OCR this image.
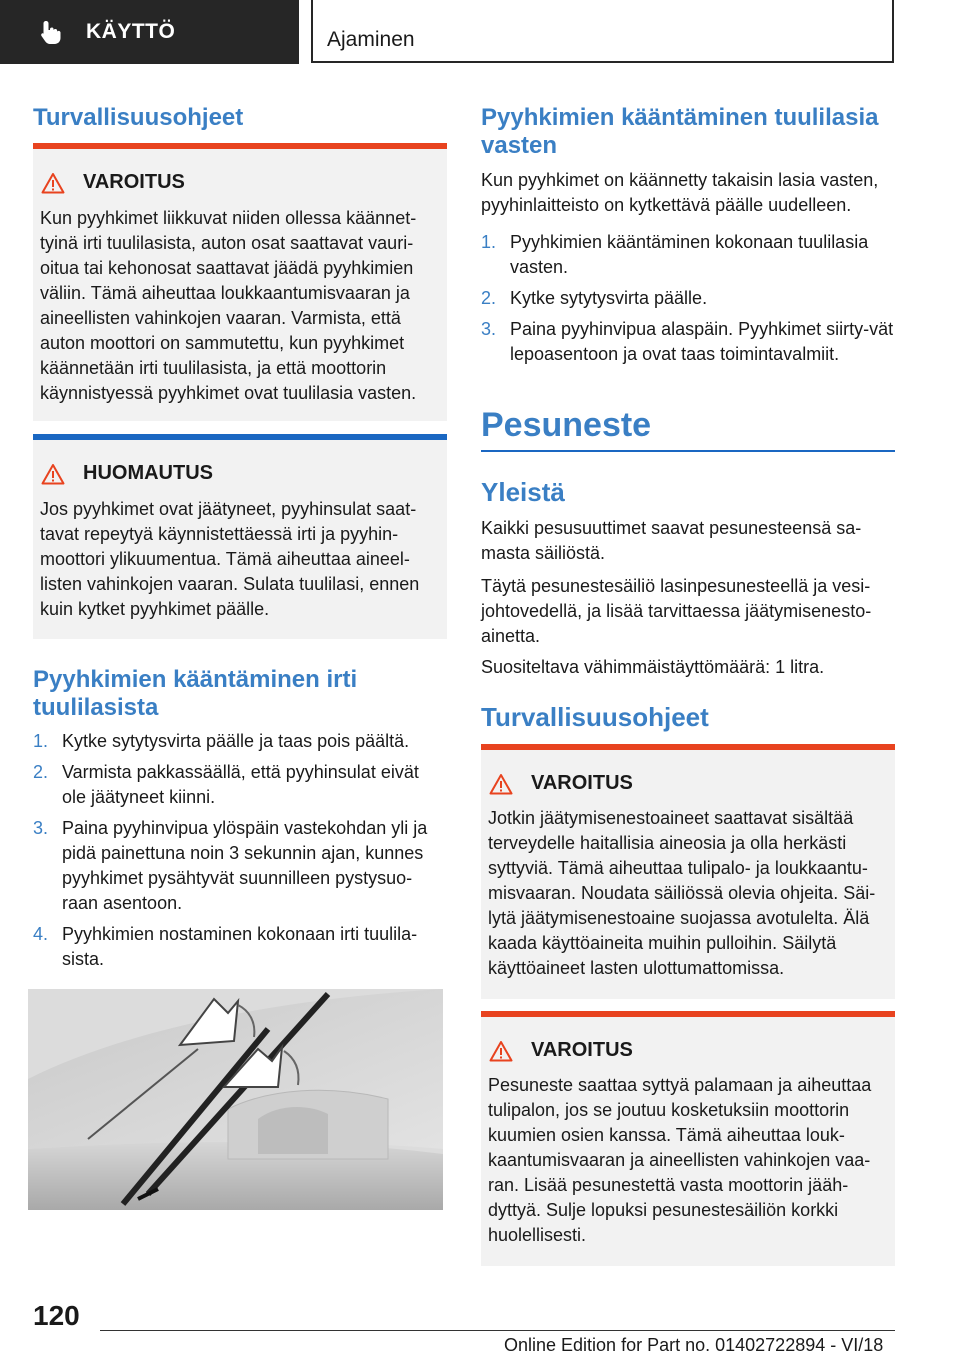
KÄYTTÖ	Ajaminen
Turvallisuusohjeet
VAROITUS
Kun pyyhkimet liikkuvat niiden ollessa käännet-tyinä irti tuulilasista, auton osat saattavat vauri-oitua tai kehonosat saattavat jäädä pyyhkimien väliin. Tämä aiheuttaa loukkaantumisvaaran ja aineellisten vahinkojen vaaran. Varmista, että auton moottori on sammutettu, kun pyyhkimet käännetään irti tuulilasista, ja että moottorin käynnistyessä pyyhkimet ovat tuulilasia vasten.
HUOMAUTUS
Jos pyyhkimet ovat jäätyneet, pyyhinsulat saat-tavat repeytyä käynnistettäessä irti ja pyyhin-moottori ylikuumentua. Tämä aiheuttaa aineel-listen vahinkojen vaaran. Sulata tuulilasi, ennen kuin kytket pyyhkimet päälle.
Pyyhkimien kääntäminen irti tuulilasista
1. Kytke sytytysvirta päälle ja taas pois päältä.
2. Varmista pakkassäällä, että pyyhinsulat eivät ole jäätyneet kiinni.
3. Paina pyyhinvipua ylöspäin vastekohdan yli ja pidä painettuna noin 3 sekunnin ajan, kunnes pyyhkimet pysähtyvät suunnilleen pystysuo-raan asentoon.
4. Pyyhkimien nostaminen kokonaan irti tuulila-sista.
Pyyhkimien kääntäminen tuulilasia vasten
Kun pyyhkimet on käännetty takaisin lasia vasten, pyyhinlaitteisto on kytkettävä päälle uudelleen.
1. Pyyhkimien kääntäminen kokonaan tuulilasia vasten.
2. Kytke sytytysvirta päälle.
3. Paina pyyhinvipua alaspäin. Pyyhkimet siirty-vät lepoasentoon ja ovat taas toimintavalmiit.
Pesuneste
Yleistä
Kaikki pesusuuttimet saavat pesunesteensä sa-masta säiliöstä.
Täytä pesunestesäiliö lasinpesunesteellä ja vesi-johtovedellä, ja lisää tarvittaessa jäätymisenesto-ainetta.
Suositeltava vähimmäistäyttömäärä: 1 litra.
Turvallisuusohjeet
VAROITUS
Jotkin jäätymisenestoaineet saattavat sisältää terveydelle haitallisia aineosia ja olla herkästi syttyviä. Tämä aiheuttaa tulipalo- ja loukkaantu-misvaaran. Noudata säiliössä olevia ohjeita. Säi-lytä jäätymisenestoaine suojassa avotulelta. Älä kaada käyttöaineita muihin pulloihin. Säilytä käyttöaineet lasten ulottumattomissa.
VAROITUS
Pesuneste saattaa syttyä palamaan ja aiheuttaa tulipalon, jos se joutuu kosketuksiin moottorin kuumien osien kanssa. Tämä aiheuttaa louk-kaantumisvaaran ja aineellisten vahinkojen vaa-ran. Lisää pesunestettä vasta moottorin jääh-dyttyä. Sulje lopuksi pesunestesäiliön korkki huolellisesti.
120
Online Edition for Part no. 01402722894 - VI/18
